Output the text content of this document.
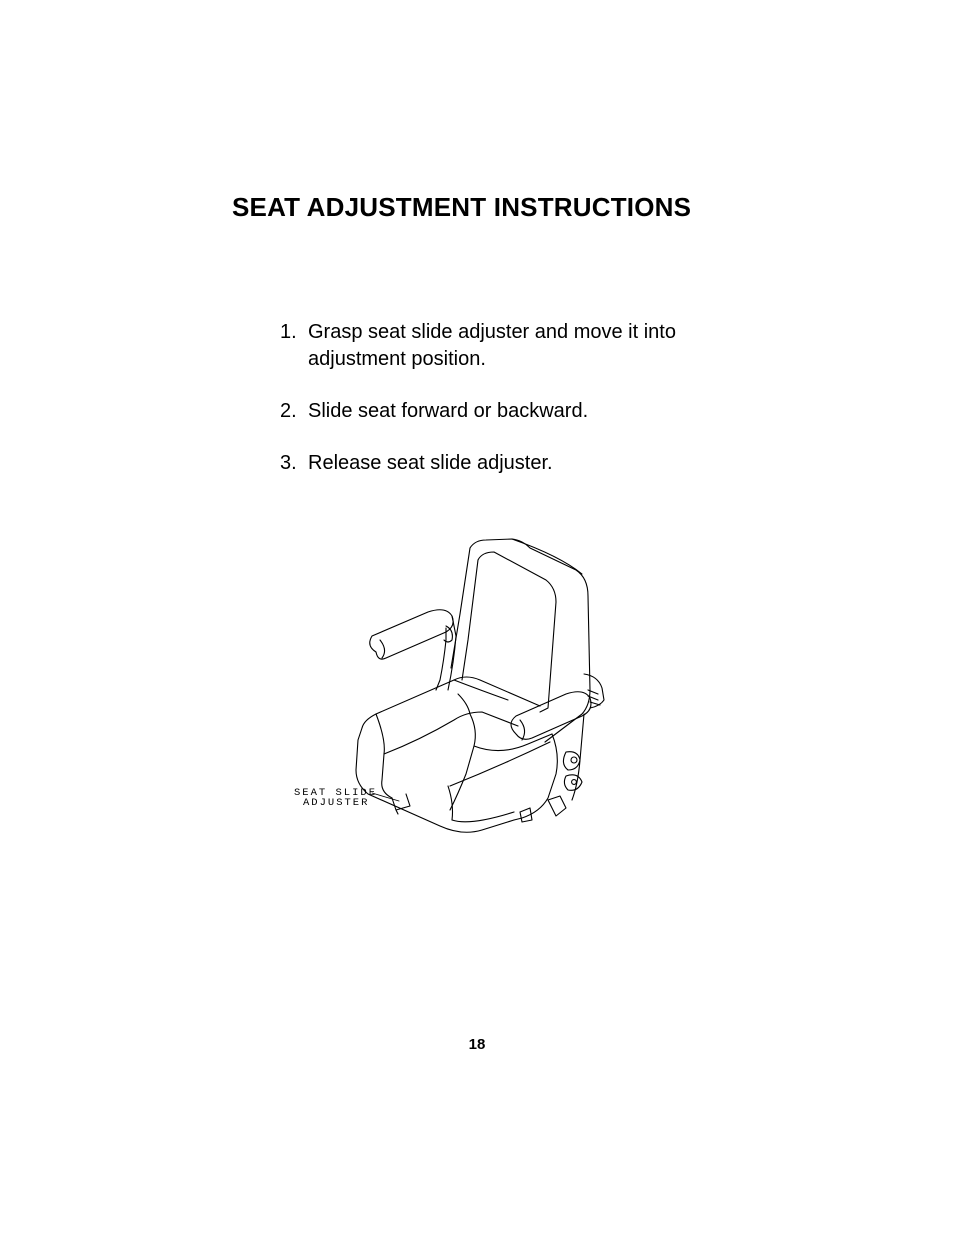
SEAT ADJUSTMENT INSTRUCTIONS
1. Grasp seat slide adjuster and move it into adjustment position.
2. Slide seat forward or backward.
3. Release seat slide adjuster.
SEAT SLIDE
ADJUSTER
18
